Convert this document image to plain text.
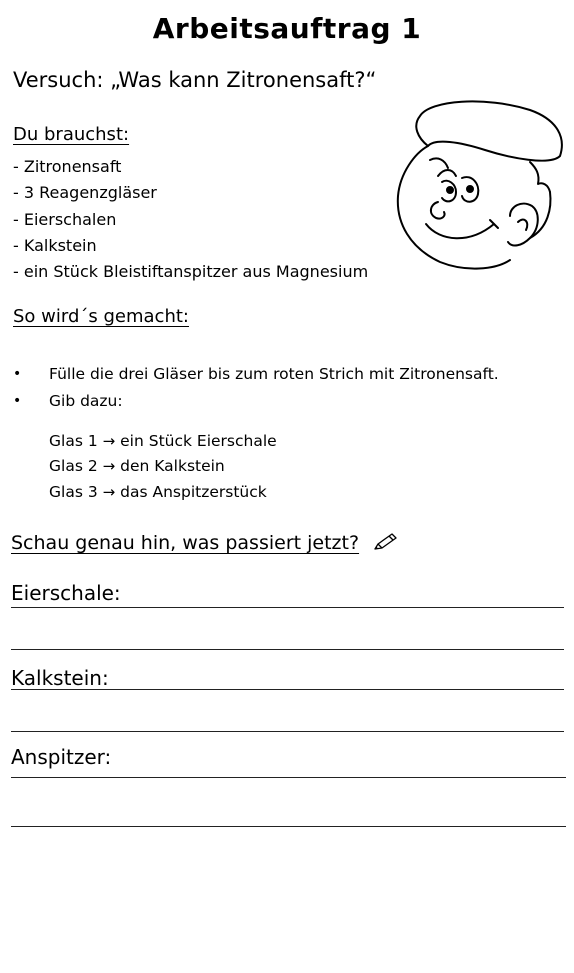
Arbeitsauftrag 1
Versuch: „Was kann Zitronensaft?“
Du brauchst:
- Zitronensaft
- 3 Reagenzgläser
- Eierschalen
- Kalkstein
- ein Stück Bleistiftanspitzer aus Magnesium
So wird´s gemacht:
• Fülle die drei Gläser bis zum roten Strich mit Zitronensaft.
• Gib dazu:
Glas 1 → ein Stück Eierschale
Glas 2 → den Kalkstein
Glas 3 → das Anspitzerstück
Schau genau hin, was passiert jetzt?
Eierschale:
Kalkstein:
Anspitzer:
